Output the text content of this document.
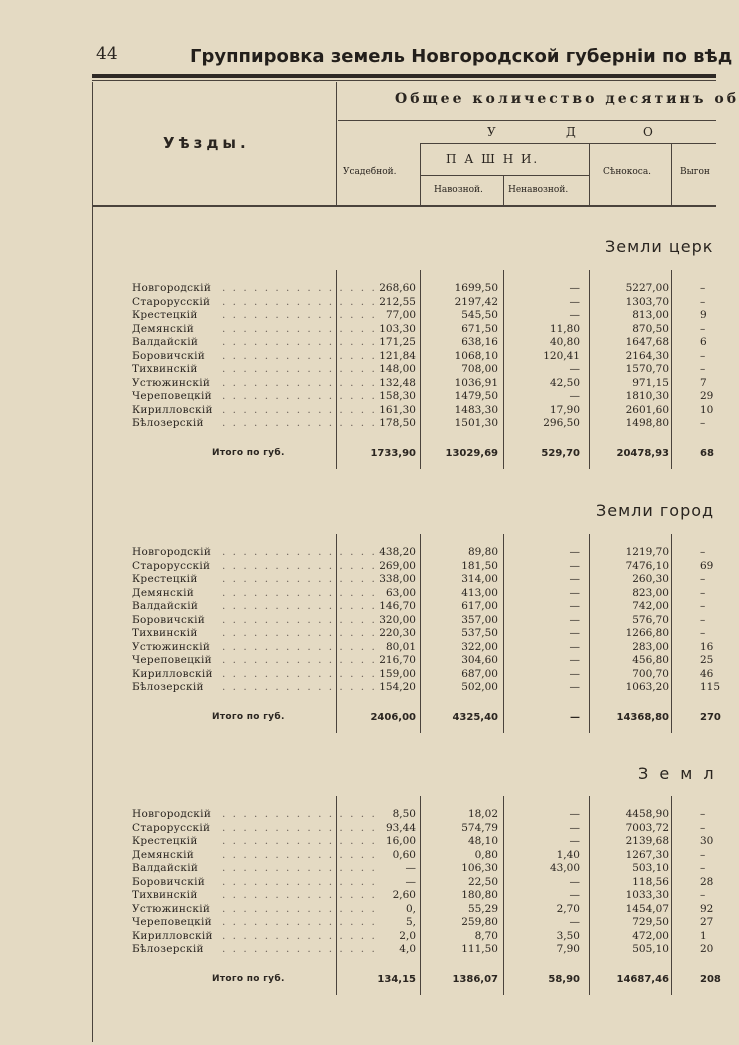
44	Группировка земель Новгородской губерніи по вѣд
Общее количество десятинъ об
Уѣзды.
У	Д	О
Усадебной.
П А Ш Н И.
Навозной.	Ненавозной.
Сѣнокоса.	Выгон
Земли церк
Новгородскій . . . . . . . . . . . . . . . 268,60	1699,50	—	5227,00	–
Старорусскій . . . . . . . . . . . . . . . 212,55	2197,42	—	1303,70	–
Крестецкій . . . . . . . . . . . . . . . 77,00	545,50	—	813,00	9
Демянскій	. . . . . . . . . . . . . . . 103,30	671,50	11,80	870,50	–
Валдайскій . . . . . . . . . . . . . . . 171,25	638,16	40,80	1647,68	6
Боровичскій . . . . . . . . . . . . . . . 121,84	1068,10	120,41	2164,30	–
Тихвинскій . . . . . . . . . . . . . . . 148,00	708,00	—	1570,70	–
Устюжинскій . . . . . . . . . . . . . . . 132,48	1036,91	42,50	971,15	7
Череповецкій . . . . . . . . . . . . . . . 158,30	1479,50	—	1810,30	29
Кирилловскій . . . . . . . . . . . . . . . 161,30	1483,30	17,90	2601,60	10
Бѣлозерскій . . . . . . . . . . . . . . . 178,50	1501,30	296,50	1498,80	–
Итого по губ.	1733,90	13029,69	529,70	20478,93	68
Земли город
Новгородскій . . . . . . . . . . . . . . . 438,20	89,80	—	1219,70	–
Старорусскій . . . . . . . . . . . . . . . 269,00	181,50	—	7476,10	69
Крестецкій . . . . . . . . . . . . . . . 338,00	314,00	—	260,30	–
Демянскій	. . . . . . . . . . . . . . . 63,00	413,00	—	823,00	–
Валдайскій . . . . . . . . . . . . . . . 146,70	617,00	—	742,00	–
Боровичскій . . . . . . . . . . . . . . . 320,00	357,00	—	576,70	–
Тихвинскій . . . . . . . . . . . . . . . 220,30	537,50	—	1266,80	–
Устюжинскій . . . . . . . . . . . . . . . 80,01	322,00	—	283,00	16
Череповецкій . . . . . . . . . . . . . . . 216,70	304,60	—	456,80	25
Кирилловскій . . . . . . . . . . . . . . . 159,00	687,00	—	700,70	46
Бѣлозерскій . . . . . . . . . . . . . . . 154,20	502,00	—	1063,20	115
Итого по губ.	2406,00	4325,40	—	14368,80	270
З е м л
Новгородскій . . . . . . . . . . . . . . . 8,50	18,02	—	4458,90	–
Старорусскій . . . . . . . . . . . . . . . 93,44	574,79	—	7003,72	–
Крестецкій . . . . . . . . . . . . . . . 16,00	48,10	—	2139,68	30
Демянскій	. . . . . . . . . . . . . . . 0,60	0,80	1,40	1267,30	–
Валдайскій . . . . . . . . . . . . . . .	—	106,30	43,00	503,10	–
Боровичскій . . . . . . . . . . . . . . .	—	22,50	—	118,56	28
Тихвинскій . . . . . . . . . . . . . . . 2,60	180,80	—	1033,30	–
Устюжинскій . . . . . . . . . . . . . . .	0,	55,29	2,70	1454,07	92
Череповецкій . . . . . . . . . . . . . . .	5,	259,80	—	729,50	27
Кирилловскій . . . . . . . . . . . . . . . 2,0	8,70	3,50	472,00	1
Бѣлозерскій . . . . . . . . . . . . . . . 4,0	111,50	7,90	505,10	20
Итого по губ.	134,15	1386,07	58,90	14687,46	208
